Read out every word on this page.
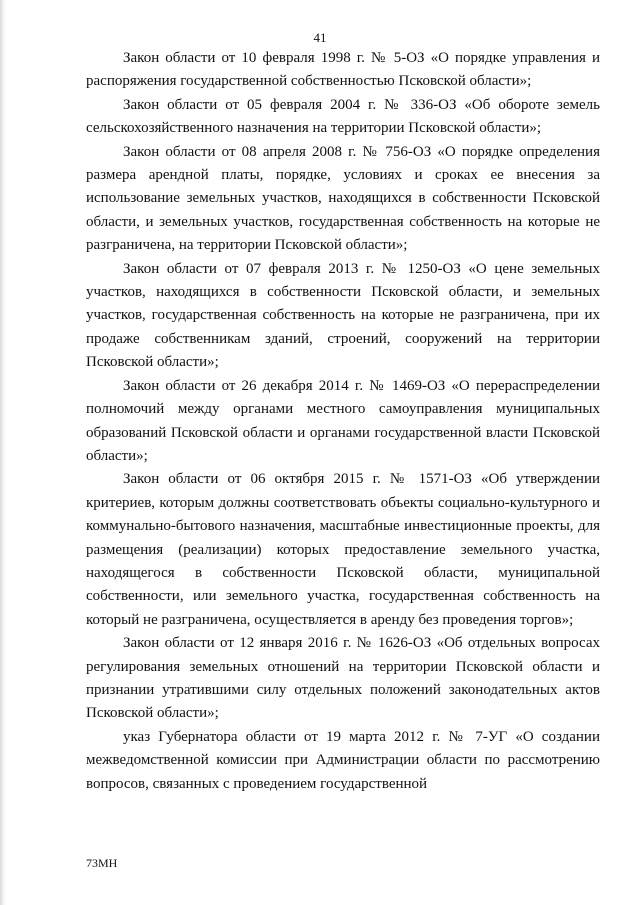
41

Закон области от 10 февраля 1998 г. № 5-ОЗ «О порядке управления и распоряжения государственной собственностью Псковской области»;

Закон области от 05 февраля 2004 г. № 336-ОЗ «Об обороте земель сельскохозяйственного назначения на территории Псковской области»;

Закон области от 08 апреля 2008 г. № 756-ОЗ «О порядке определения размера арендной платы, порядке, условиях и сроках ее внесения за использование земельных участков, находящихся в собственности Псковской области, и земельных участков, государственная собственность на которые не разграничена, на территории Псковской области»;

Закон области от 07 февраля 2013 г. № 1250-ОЗ «О цене земельных участков, находящихся в собственности Псковской области, и земельных участков, государственная собственность на которые не разграничена, при их продаже собственникам зданий, строений, сооружений на территории Псковской области»;

Закон области от 26 декабря 2014 г. № 1469-ОЗ «О перераспределении полномочий между органами местного самоуправления муниципальных образований Псковской области и органами государственной власти Псковской области»;

Закон области от 06 октября 2015 г. № 1571-ОЗ «Об утверждении критериев, которым должны соответствовать объекты социально-культурного и коммунально-бытового назначения, масштабные инвестиционные проекты, для размещения (реализации) которых предоставление земельного участка, находящегося в собственности Псковской области, муниципальной собственности, или земельного участка, государственная собственность на который не разграничена, осуществляется в аренду без проведения торгов»;

Закон области от 12 января 2016 г. № 1626-ОЗ «Об отдельных вопросах регулирования земельных отношений на территории Псковской области и признании утратившими силу отдельных положений законодательных актов Псковской области»;

указ Губернатора области от 19 марта 2012 г. № 7-УГ «О создании межведомственной комиссии при Администрации области по рассмотрению вопросов, связанных с проведением государственной

73МН
